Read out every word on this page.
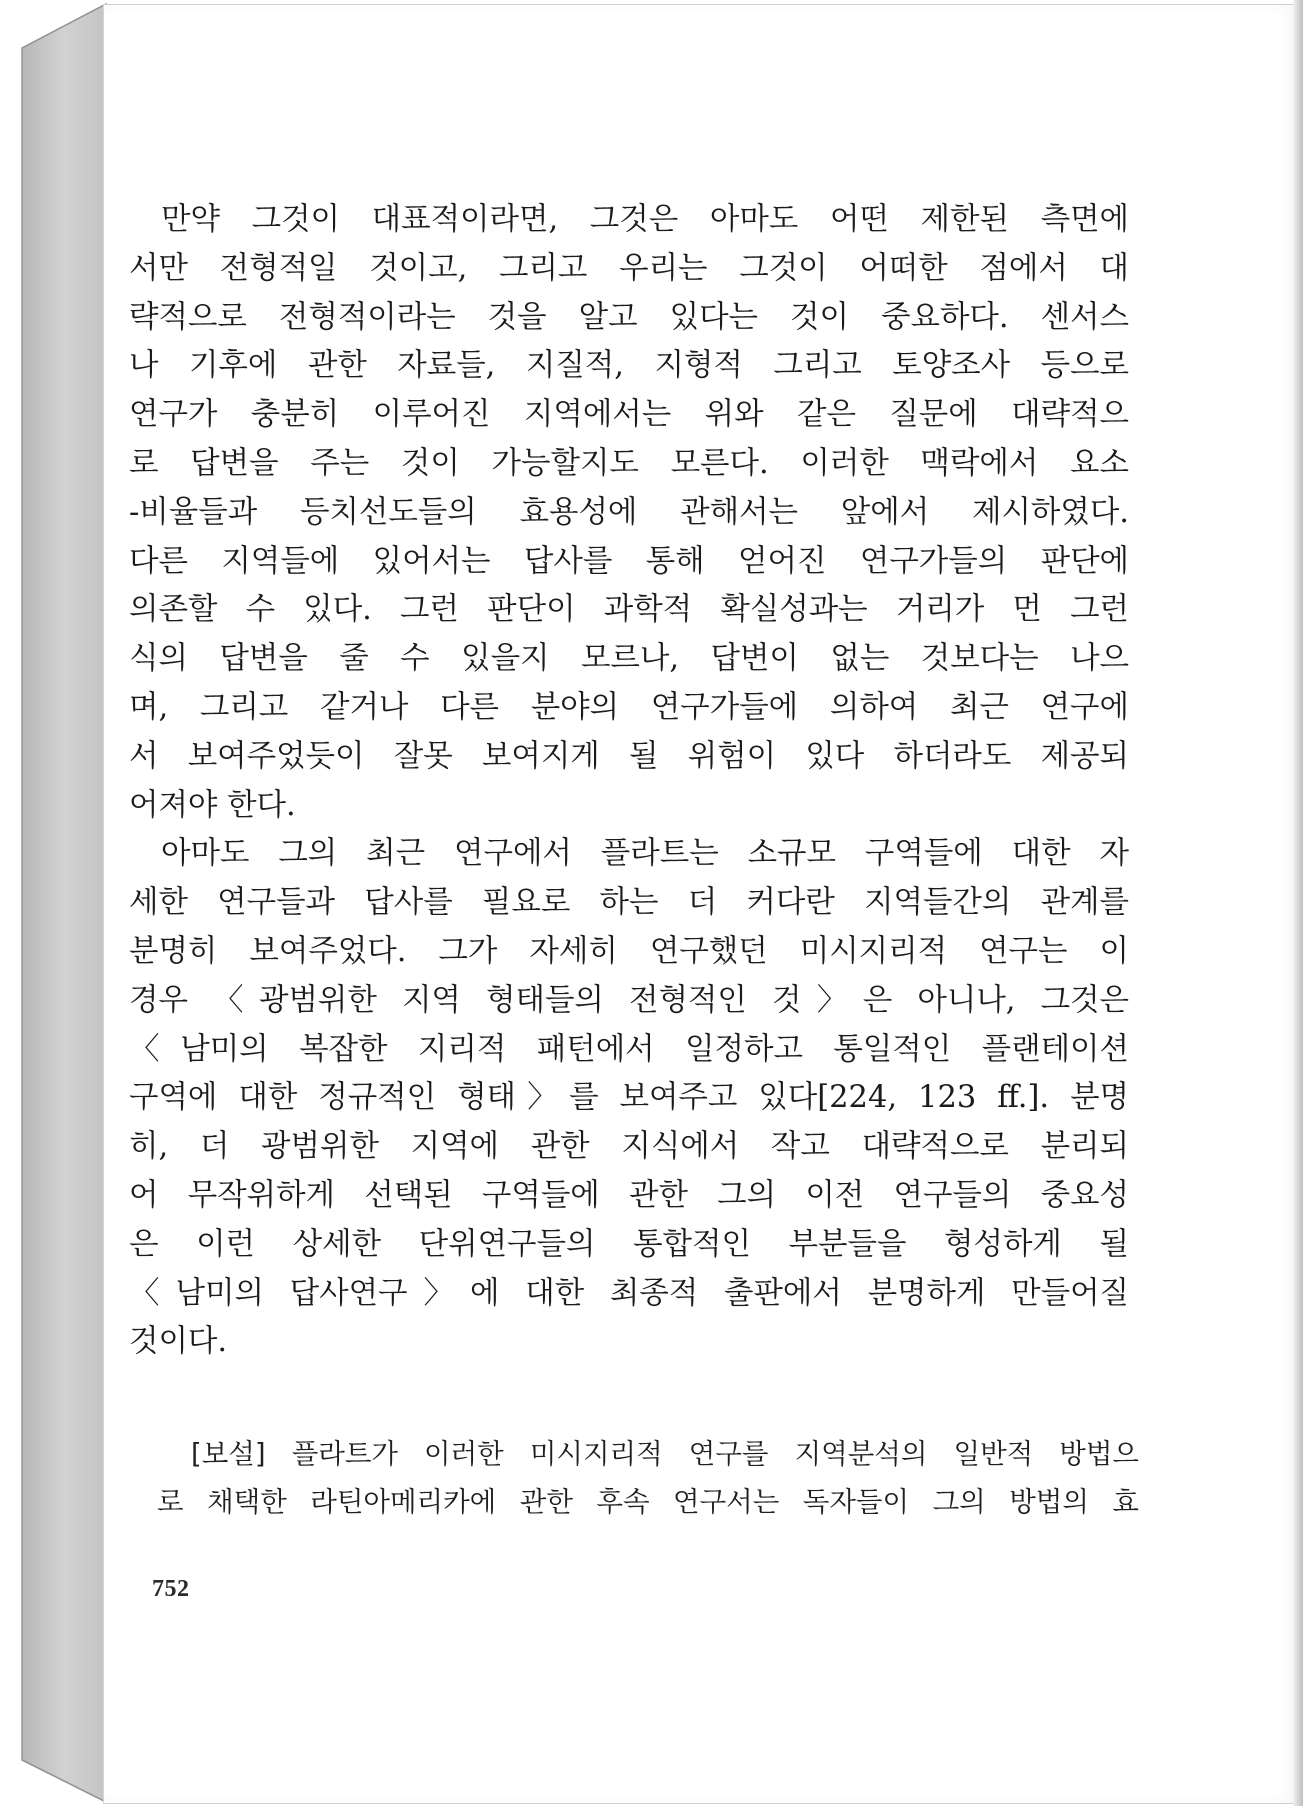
만약 그것이 대표적이라면, 그것은 아마도 어떤 제한된 측면에
서만 전형적일 것이고, 그리고 우리는 그것이 어떠한 점에서 대
략적으로 전형적이라는 것을 알고 있다는 것이 중요하다. 센서스
나 기후에 관한 자료들, 지질적, 지형적 그리고 토양조사 등으로
연구가 충분히 이루어진 지역에서는 위와 같은 질문에 대략적으
로 답변을 주는 것이 가능할지도 모른다. 이러한 맥락에서 요소
-비율들과 등치선도들의 효용성에 관해서는 앞에서 제시하였다.
다른 지역들에 있어서는 답사를 통해 얻어진 연구가들의 판단에
의존할 수 있다. 그런 판단이 과학적 확실성과는 거리가 먼 그런
식의 답변을 줄 수 있을지 모르나, 답변이 없는 것보다는 나으
며, 그리고 같거나 다른 분야의 연구가들에 의하여 최근 연구에
서 보여주었듯이 잘못 보여지게 될 위험이 있다 하더라도 제공되
어져야 한다.
아마도 그의 최근 연구에서 플라트는 소규모 구역들에 대한 자
세한 연구들과 답사를 필요로 하는 더 커다란 지역들간의 관계를
분명히 보여주었다. 그가 자세히 연구했던 미시지리적 연구는 이
경우 〈광범위한 지역 형태들의 전형적인 것〉은 아니나, 그것은
〈남미의 복잡한 지리적 패턴에서 일정하고 통일적인 플랜테이션
구역에 대한 정규적인 형태〉를 보여주고 있다[224, 123 ff.]. 분명
히, 더 광범위한 지역에 관한 지식에서 작고 대략적으로 분리되
어 무작위하게 선택된 구역들에 관한 그의 이전 연구들의 중요성
은 이런 상세한 단위연구들의 통합적인 부분들을 형성하게 될
〈남미의 답사연구〉에 대한 최종적 출판에서 분명하게 만들어질
것이다.
[보설] 플라트가 이러한 미시지리적 연구를 지역분석의 일반적 방법으
로 채택한 라틴아메리카에 관한 후속 연구서는 독자들이 그의 방법의 효
752
